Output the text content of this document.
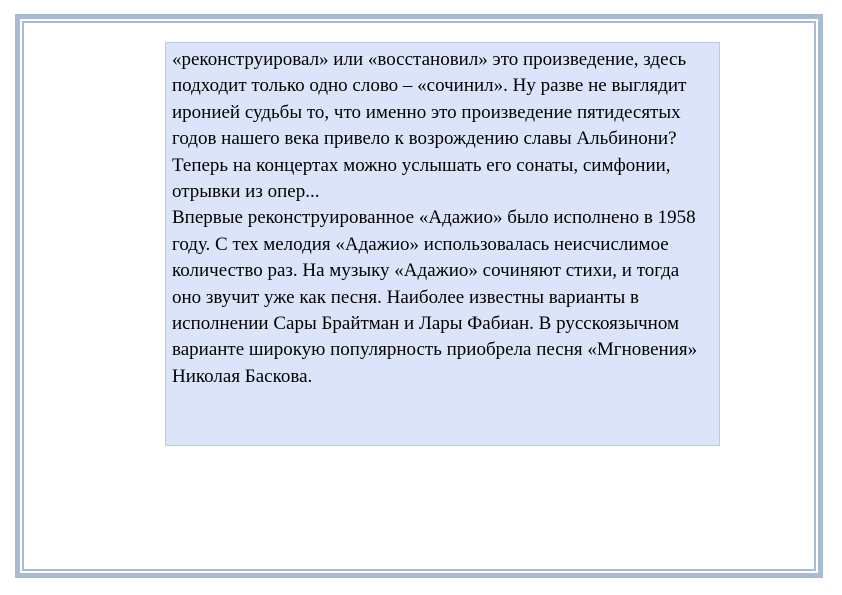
«реконструировал» или «восстановил» это произведение, здесь подходит только одно слово – «сочинил». Ну разве не выглядит иронией судьбы то, что именно это произведение пятидесятых годов нашего века привело к возрождению славы Альбинони? Теперь на концертах можно услышать его сонаты, симфонии, отрывки из опер...

Впервые реконструированное «Адажио» было исполнено в 1958 году. С тех мелодия «Адажио» использовалась неисчислимое количество раз. На музыку «Адажио» сочиняют стихи, и тогда оно звучит уже как песня. Наиболее известны варианты в исполнении Сары Брайтман и Лары Фабиан. В русскоязычном варианте широкую популярность приобрела песня «Мгновения» Николая Баскова.
